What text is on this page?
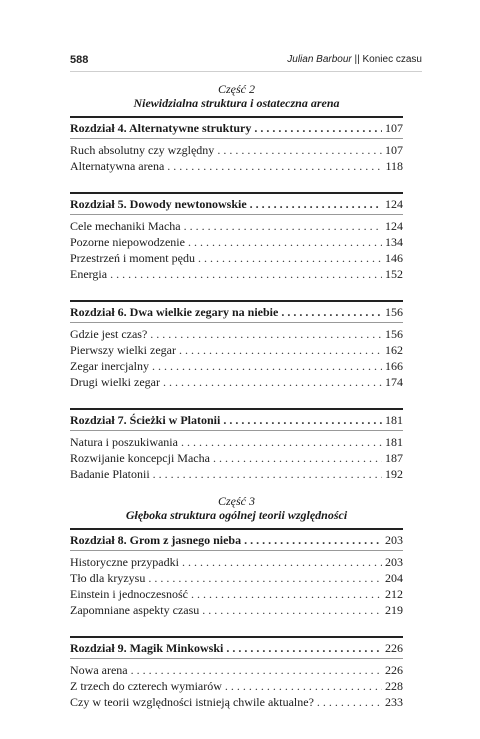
588	Julian Barbour || Koniec czasu
Część 2
Niewidzialna struktura i ostateczna arena
Rozdział 4. Alternatywne struktury . . .	107
Ruch absolutny czy względny . . .	107
Alternatywna arena . . .	118
Rozdział 5. Dowody newtonowskie . . .	124
Cele mechaniki Macha . . .	124
Pozorne niepowodzenie . . .	134
Przestrzeń i moment pędu . . .	146
Energia . . .	152
Rozdział 6. Dwa wielkie zegary na niebie . . .	156
Gdzie jest czas? . . .	156
Pierwszy wielki zegar . . .	162
Zegar inercjalny . . .	166
Drugi wielki zegar . . .	174
Rozdział 7. Ścieżki w Platonii . . .	181
Natura i poszukiwania . . .	181
Rozwijanie koncepcji Macha . . .	187
Badanie Platonii . . .	192
Część 3
Głęboka struktura ogólnej teorii względności
Rozdział 8. Grom z jasnego nieba . . .	203
Historyczne przypadki . . .	203
Tło dla kryzysu . . .	204
Einstein i jednoczesność . . .	212
Zapomniane aspekty czasu . . .	219
Rozdział 9. Magik Minkowski . . .	226
Nowa arena . . .	226
Z trzech do czterech wymiarów . . .	228
Czy w teorii względności istnieją chwile aktualne? . . .	233
